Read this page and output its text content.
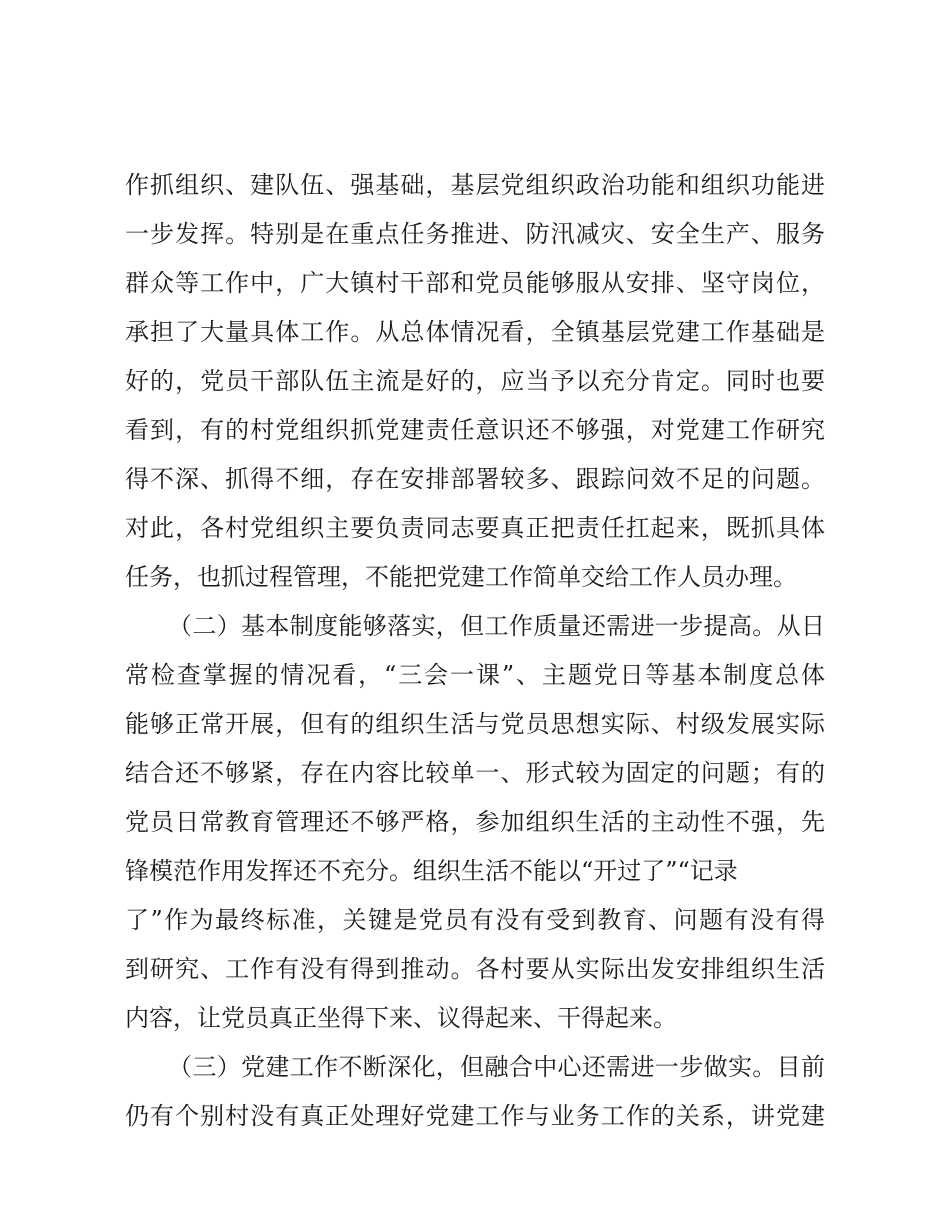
作抓组织、建队伍、强基础，基层党组织政治功能和组织功能进
一步发挥。特别是在重点任务推进、防汛减灾、安全生产、服务
群众等工作中，广大镇村干部和党员能够服从安排、坚守岗位，
承担了大量具体工作。从总体情况看，全镇基层党建工作基础是
好的，党员干部队伍主流是好的，应当予以充分肯定。同时也要
看到，有的村党组织抓党建责任意识还不够强，对党建工作研究
得不深、抓得不细，存在安排部署较多、跟踪问效不足的问题。
对此，各村党组织主要负责同志要真正把责任扛起来，既抓具体
任务，也抓过程管理，不能把党建工作简单交给工作人员办理。
（二）基本制度能够落实，但工作质量还需进一步提高。从日
常检查掌握的情况看，“三会一课”、主题党日等基本制度总体
能够正常开展，但有的组织生活与党员思想实际、村级发展实际
结合还不够紧，存在内容比较单一、形式较为固定的问题；有的
党员日常教育管理还不够严格，参加组织生活的主动性不强，先
锋模范作用发挥还不充分。组织生活不能以“开过了”“记录
了”作为最终标准，关键是党员有没有受到教育、问题有没有得
到研究、工作有没有得到推动。各村要从实际出发安排组织生活
内容，让党员真正坐得下来、议得起来、干得起来。
（三）党建工作不断深化，但融合中心还需进一步做实。目前
仍有个别村没有真正处理好党建工作与业务工作的关系，讲党建
